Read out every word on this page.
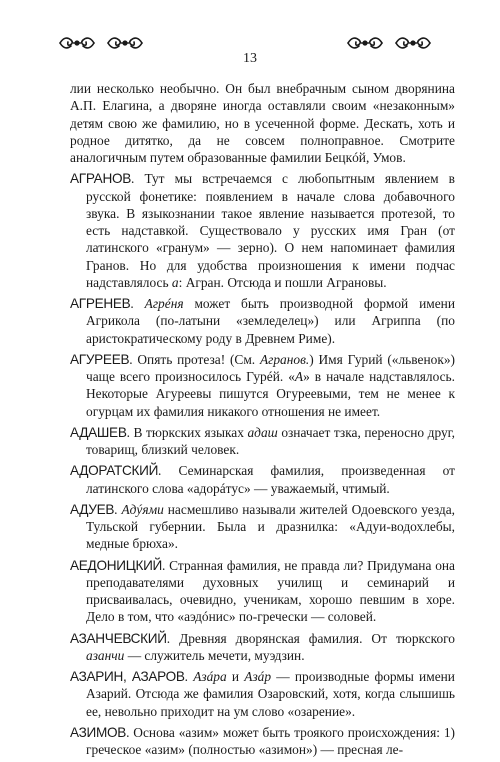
13

лии несколько необычно. Он был внебрачным сыном дворянина А.П. Елагина, а дворяне иногда оставляли своим «незаконным» детям свою же фамилию, но в усеченной форме. Дескать, хоть и родное дитятко, да не совсем полноправное. Смотрите аналогичным путем образованные фамилии Бецкóй, Умов.

АГРАНОВ. Тут мы встречаемся с любопытным явлением в русской фонетике: появлением в начале слова добавочного звука. В языкознании такое явление называется протезой, то есть надставкой. Существовало у русских имя Гран (от латинского «гранум» — зерно). О нем напоминает фамилия Гранов. Но для удобства произношения к имени подчас надставлялось а: Агран. Отсюда и пошли Аграновы.

АГРЕНЕВ. Агрéня может быть производной формой имени Агрикола (по-латыни «земледелец») или Агриппа (по аристократическому роду в Древнем Риме).

АГУРЕЕВ. Опять протеза! (См. Агранов.) Имя Гурий («львенок») чаще всего произносилось Гурéй. «А» в начале надставлялось. Некоторые Агуреевы пишутся Огуреевыми, тем не менее к огурцам их фамилия никакого отношения не имеет.

АДАШЕВ. В тюркских языках адаш означает тзка, переносно друг, товарищ, близкий человек.

АДОРАТСКИЙ. Семинарская фамилия, произведенная от латинского слова «адорáтус» — уважаемый, чтимый.

АДУЕВ. Адýями насмешливо называли жителей Одоевского уезда, Тульской губернии. Была и дразнилка: «Адуи-водохлебы, медные брюха».

АЕДОНИЦКИЙ. Странная фамилия, не правда ли? Придумана она преподавателями духовных училищ и семинарий и присваивалась, очевидно, ученикам, хорошо певшим в хоре. Дело в том, что «аэдóнис» по-гречески — соловей.

АЗАНЧЕВСКИЙ. Древняя дворянская фамилия. От тюркского азанчи — служитель мечети, муэдзин.

АЗАРИН, АЗАРОВ. Азáра и Азáр — производные формы имени Азарий. Отсюда же фамилия Озаровский, хотя, когда слышишь ее, невольно приходит на ум слово «озарение».

АЗИМОВ. Основа «азим» может быть троякого происхождения: 1) греческое «азим» (полностью «азимон») — пресная ле-
